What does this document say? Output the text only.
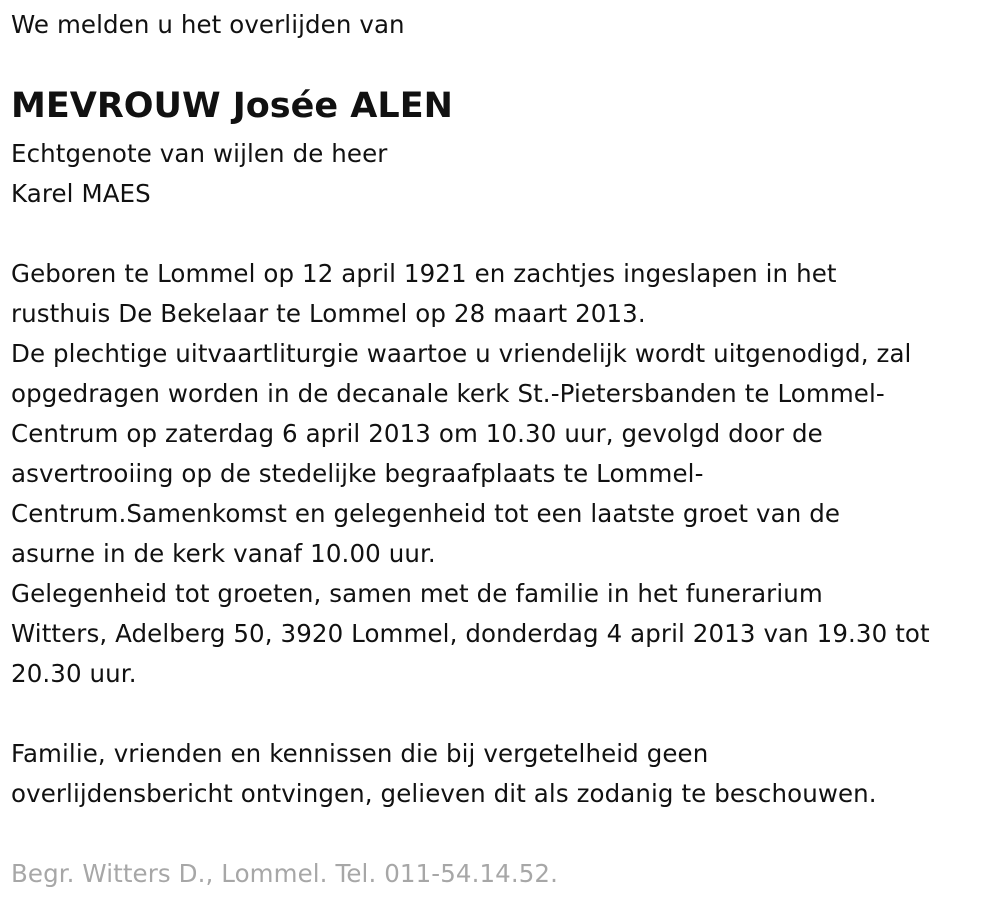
We melden u het overlijden van
MEVROUW Josée ALEN
Echtgenote van wijlen de heer
Karel MAES
Geboren te Lommel op 12 april 1921 en zachtjes ingeslapen in het
rusthuis De Bekelaar te Lommel op 28 maart 2013.
De plechtige uitvaartliturgie waartoe u vriendelijk wordt uitgenodigd, zal
opgedragen worden in de decanale kerk St.-Pietersbanden te Lommel-
Centrum op zaterdag 6 april 2013 om 10.30 uur, gevolgd door de
asvertrooiing op de stedelijke begraafplaats te Lommel-
Centrum.Samenkomst en gelegenheid tot een laatste groet van de
asurne in de kerk vanaf 10.00 uur.
Gelegenheid tot groeten, samen met de familie in het funerarium
Witters, Adelberg 50, 3920 Lommel, donderdag 4 april 2013 van 19.30 tot
20.30 uur.
Familie, vrienden en kennissen die bij vergetelheid geen
overlijdensbericht ontvingen, gelieven dit als zodanig te beschouwen.
Begr. Witters D., Lommel. Tel. 011-54.14.52.
